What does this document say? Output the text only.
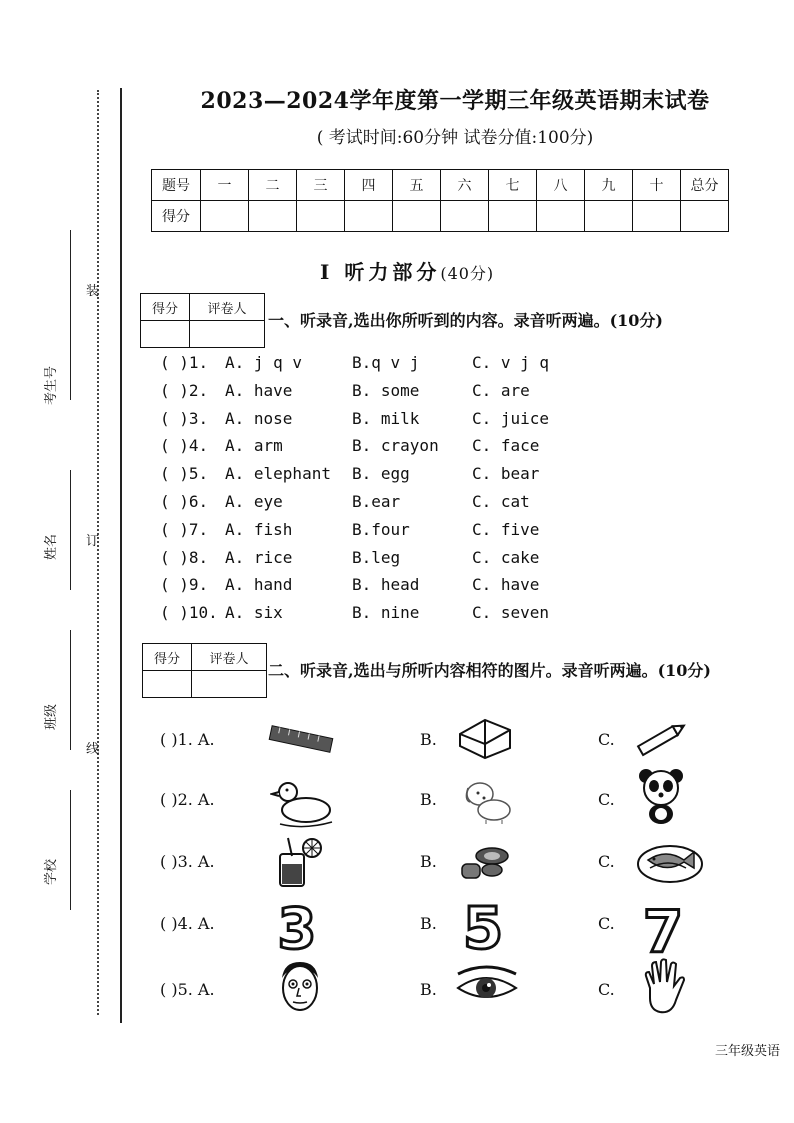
考生号
姓名
班级
学校
装
订
线
2023—2024学年度第一学期三年级英语期末试卷
( 考试时间:60分钟 试卷分值:100分)
题号	一	二	三	四	五	六	七	八	九	十	总分
得分											
Ⅰ 听力部分(40分)
得分	评卷人

一、听录音,选出你所听到的内容。录音听两遍。(10分)
( )1. A. j q v	B.q v j	C. v j q
( )2. A. have	B. some	C. are
( )3. A. nose	B. milk	C. juice
( )4. A. arm	B. crayon C. face
( )5. A. elephant B. egg	C. bear
( )6. A. eye	B.ear	C. cat
( )7. A. fish	B.four	C. five
( )8. A. rice	B.leg	C. cake
( )9. A. hand	B. head	C. have
( )10. A. six	B. nine	C. seven
得分	评卷人

二、听录音,选出与所听内容相符的图片。录音听两遍。(10分)
( )1. A.	B.	C.
( )2. A.	B.	C.
( )3. A.	B.	C.
( )4. A. 3	B. 5	C. 7
( )5. A.	B.	C.
三年级英语
